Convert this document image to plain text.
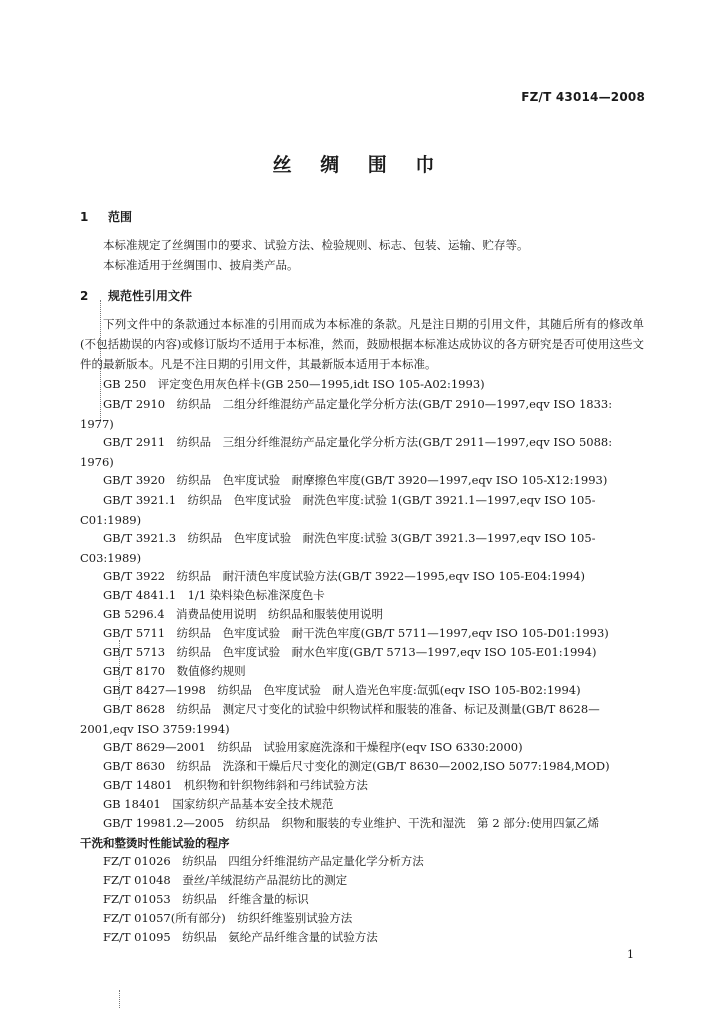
FZ/T 43014—2008
丝 绸 围 巾
1 范围
本标准规定了丝绸围巾的要求、试验方法、检验规则、标志、包装、运输、贮存等。
本标准适用于丝绸围巾、披肩类产品。
2 规范性引用文件
下列文件中的条款通过本标准的引用而成为本标准的条款。凡是注日期的引用文件，其随后所有的修改单(不包括勘误的内容)或修订版均不适用于本标准，然而，鼓励根据本标准达成协议的各方研究是否可使用这些文件的最新版本。凡是不注日期的引用文件，其最新版本适用于本标准。
GB 250　评定变色用灰色样卡(GB 250—1995,idt ISO 105-A02:1993)
GB/T 2910　纺织品　二组分纤维混纺产品定量化学分析方法(GB/T 2910—1997,eqv ISO 1833:
1977)
GB/T 2911　纺织品　三组分纤维混纺产品定量化学分析方法(GB/T 2911—1997,eqv ISO 5088:
1976)
GB/T 3920　纺织品　色牢度试验　耐摩擦色牢度(GB/T 3920—1997,eqv ISO 105-X12:1993)
GB/T 3921.1　纺织品　色牢度试验　耐洗色牢度:试验 1(GB/T 3921.1—1997,eqv ISO 105-
C01:1989)
GB/T 3921.3　纺织品　色牢度试验　耐洗色牢度:试验 3(GB/T 3921.3—1997,eqv ISO 105-
C03:1989)
GB/T 3922　纺织品　耐汗渍色牢度试验方法(GB/T 3922—1995,eqv ISO 105-E04:1994)
GB/T 4841.1　1/1 染料染色标准深度色卡
GB 5296.4　消费品使用说明　纺织品和服装使用说明
GB/T 5711　纺织品　色牢度试验　耐干洗色牢度(GB/T 5711—1997,eqv ISO 105-D01:1993)
GB/T 5713　纺织品　色牢度试验　耐水色牢度(GB/T 5713—1997,eqv ISO 105-E01:1994)
GB/T 8170　数值修约规则
GB/T 8427—1998　纺织品　色牢度试验　耐人造光色牢度:氙弧(eqv ISO 105-B02:1994)
GB/T 8628　纺织品　测定尺寸变化的试验中织物试样和服装的准备、标记及测量(GB/T 8628—
2001,eqv ISO 3759:1994)
GB/T 8629—2001　纺织品　试验用家庭洗涤和干燥程序(eqv ISO 6330:2000)
GB/T 8630　纺织品　洗涤和干燥后尺寸变化的测定(GB/T 8630—2002,ISO 5077:1984,MOD)
GB/T 14801　机织物和针织物纬斜和弓纬试验方法
GB 18401　国家纺织产品基本安全技术规范
GB/T 19981.2—2005　纺织品　织物和服装的专业维护、干洗和湿洗　第 2 部分:使用四氯乙烯
干洗和整烫时性能试验的程序
FZ/T 01026　纺织品　四组分纤维混纺产品定量化学分析方法
FZ/T 01048　蚕丝/羊绒混纺产品混纺比的测定
FZ/T 01053　纺织品　纤维含量的标识
FZ/T 01057(所有部分)　纺织纤维鉴别试验方法
FZ/T 01095　纺织品　氨纶产品纤维含量的试验方法
1
